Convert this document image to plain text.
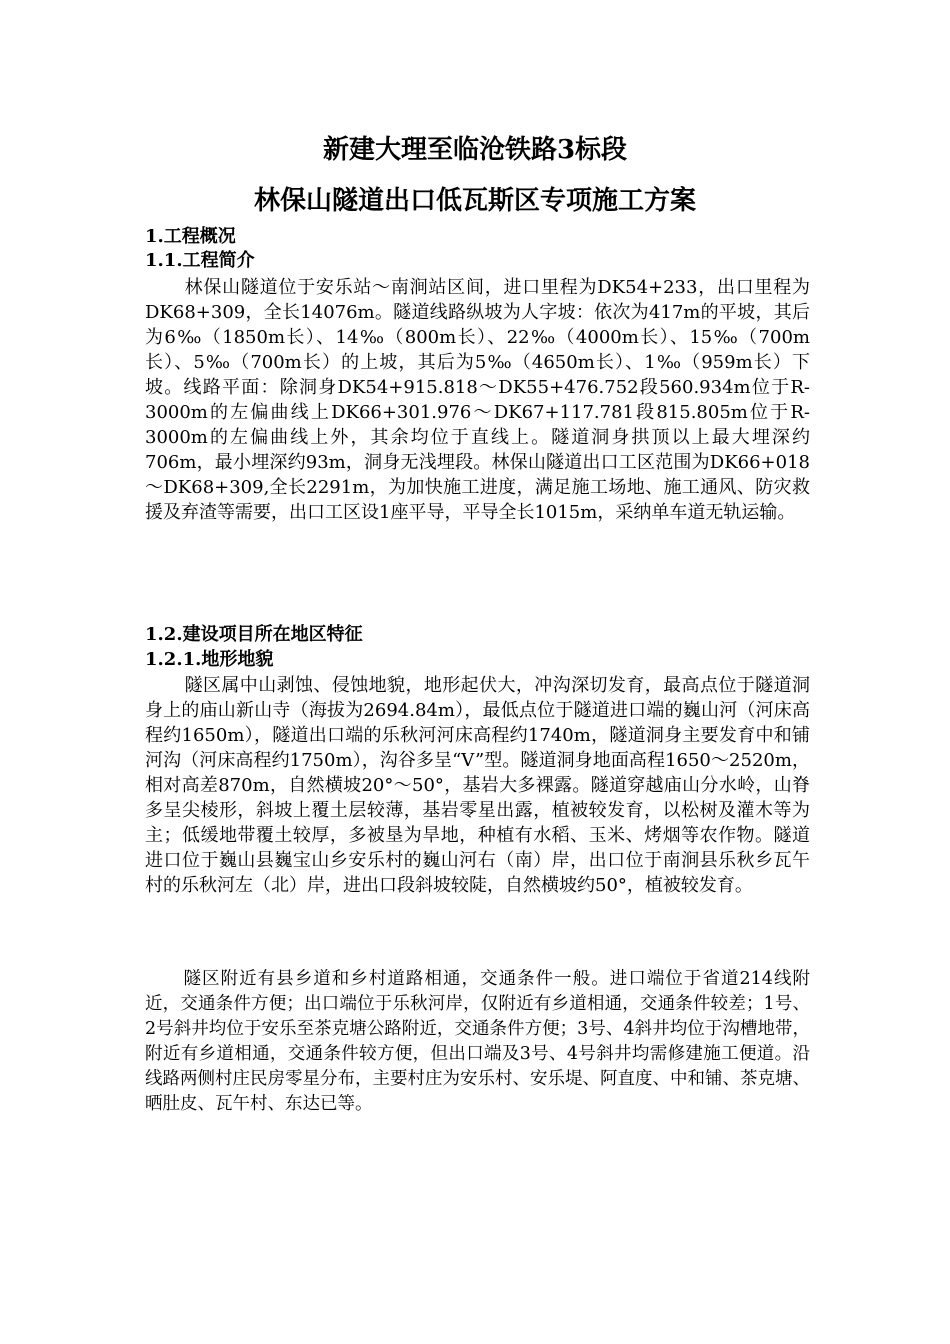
新建大理至临沧铁路3标段
林保山隧道出口低瓦斯区专项施工方案
1.工程概况
1.1.工程简介

林保山隧道位于安乐站～南涧站区间，进口里程为DK54+233，出口里程为DK68+309，全长14076m。隧道线路纵坡为人字坡：依次为417m的平坡，其后为6‰（1850m长）、14‰（800m长）、22‰（4000m长）、15‰（700m长）、5‰（700m长）的上坡，其后为5‰（4650m长）、1‰（959m长）下坡。线路平面：除洞身DK54+915.818～DK55+476.752段560.934m位于R-3000m的左偏曲线上DK66+301.976～DK67+117.781段815.805m位于R-3000m的左偏曲线上外，其余均位于直线上。隧道洞身拱顶以上最大埋深约706m，最小埋深约93m，洞身无浅埋段。林保山隧道出口工区范围为DK66+018～DK68+309,全长2291m，为加快施工进度，满足施工场地、施工通风、防灾救援及弃渣等需要，出口工区设1座平导，平导全长1015m，采纳单车道无轨运输。

1.2.建设项目所在地区特征
1.2.1.地形地貌

隧区属中山剥蚀、侵蚀地貌，地形起伏大，冲沟深切发育，最高点位于隧道洞身上的庙山新山寺（海拔为2694.84m），最低点位于隧道进口端的巍山河（河床高程约1650m），隧道出口端的乐秋河河床高程约1740m，隧道洞身主要发育中和铺河沟（河床高程约1750m），沟谷多呈“V”型。隧道洞身地面高程1650～2520m，相对高差870m，自然横坡20°～50°，基岩大多裸露。隧道穿越庙山分水岭，山脊多呈尖棱形，斜坡上覆土层较薄，基岩零星出露，植被较发育，以松树及灌木等为主；低缓地带覆土较厚，多被垦为旱地，种植有水稻、玉米、烤烟等农作物。隧道进口位于巍山县巍宝山乡安乐村的巍山河右（南）岸，出口位于南涧县乐秋乡瓦午村的乐秋河左（北）岸，进出口段斜坡较陡，自然横坡约50°，植被较发育。

隧区附近有县乡道和乡村道路相通，交通条件一般。进口端位于省道214线附近，交通条件方便；出口端位于乐秋河岸，仅附近有乡道相通，交通条件较差；1号、2号斜井均位于安乐至茶克塘公路附近，交通条件方便；3号、4斜井均位于沟槽地带，附近有乡道相通，交通条件较方便，但出口端及3号、4号斜井均需修建施工便道。沿线路两侧村庄民房零星分布，主要村庄为安乐村、安乐堤、阿直度、中和铺、茶克塘、晒肚皮、瓦午村、东达已等。
